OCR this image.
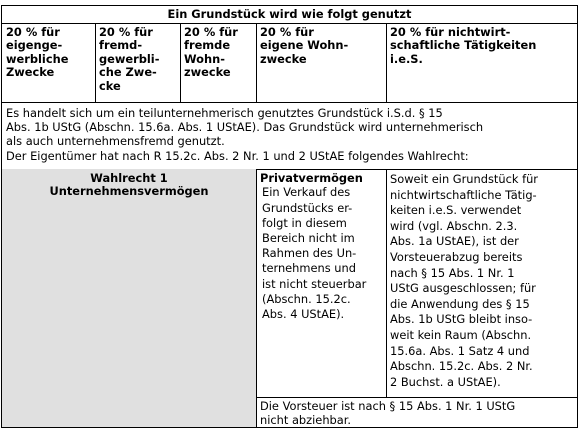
Ein Grundstück wird wie folgt genutzt
20 % für
eigenge-
werbliche
Zwecke
20 % für
fremd-
gewerbli-
che Zwe-
cke
20 % für
fremde
Wohn-
zwecke
20 % für
eigene Wohn-
zwecke
20 % für nichtwirt-
schaftliche Tätigkeiten
i.e.S.
Es handelt sich um ein teilunternehmerisch genutztes Grundstück i.S.d. § 15
Abs. 1b UStG (Abschn. 15.6a. Abs. 1 UStAE). Das Grundstück wird unternehmerisch
als auch unternehmensfremd genutzt.
Der Eigentümer hat nach R 15.2c. Abs. 2 Nr. 1 und 2 UStAE folgendes Wahlrecht:
Wahlrecht 1
Unternehmensvermögen
Privatvermögen
Ein Verkauf des
Grundstücks er-
folgt in diesem
Bereich nicht im
Rahmen des Un-
ternehmens und
ist nicht steuerbar
(Abschn. 15.2c.
Abs. 4 UStAE).
Soweit ein Grundstück für
nichtwirtschaftliche Tätig-
keiten i.e.S. verwendet
wird (vgl. Abschn. 2.3.
Abs. 1a UStAE), ist der
Vorsteuerabzug bereits
nach § 15 Abs. 1 Nr. 1
UStG ausgeschlossen; für
die Anwendung des § 15
Abs. 1b UStG bleibt inso-
weit kein Raum (Abschn.
15.6a. Abs. 1 Satz 4 und
Abschn. 15.2c. Abs. 2 Nr.
2 Buchst. a UStAE).
Die Vorsteuer ist nach § 15 Abs. 1 Nr. 1 UStG
nicht abziehbar.
